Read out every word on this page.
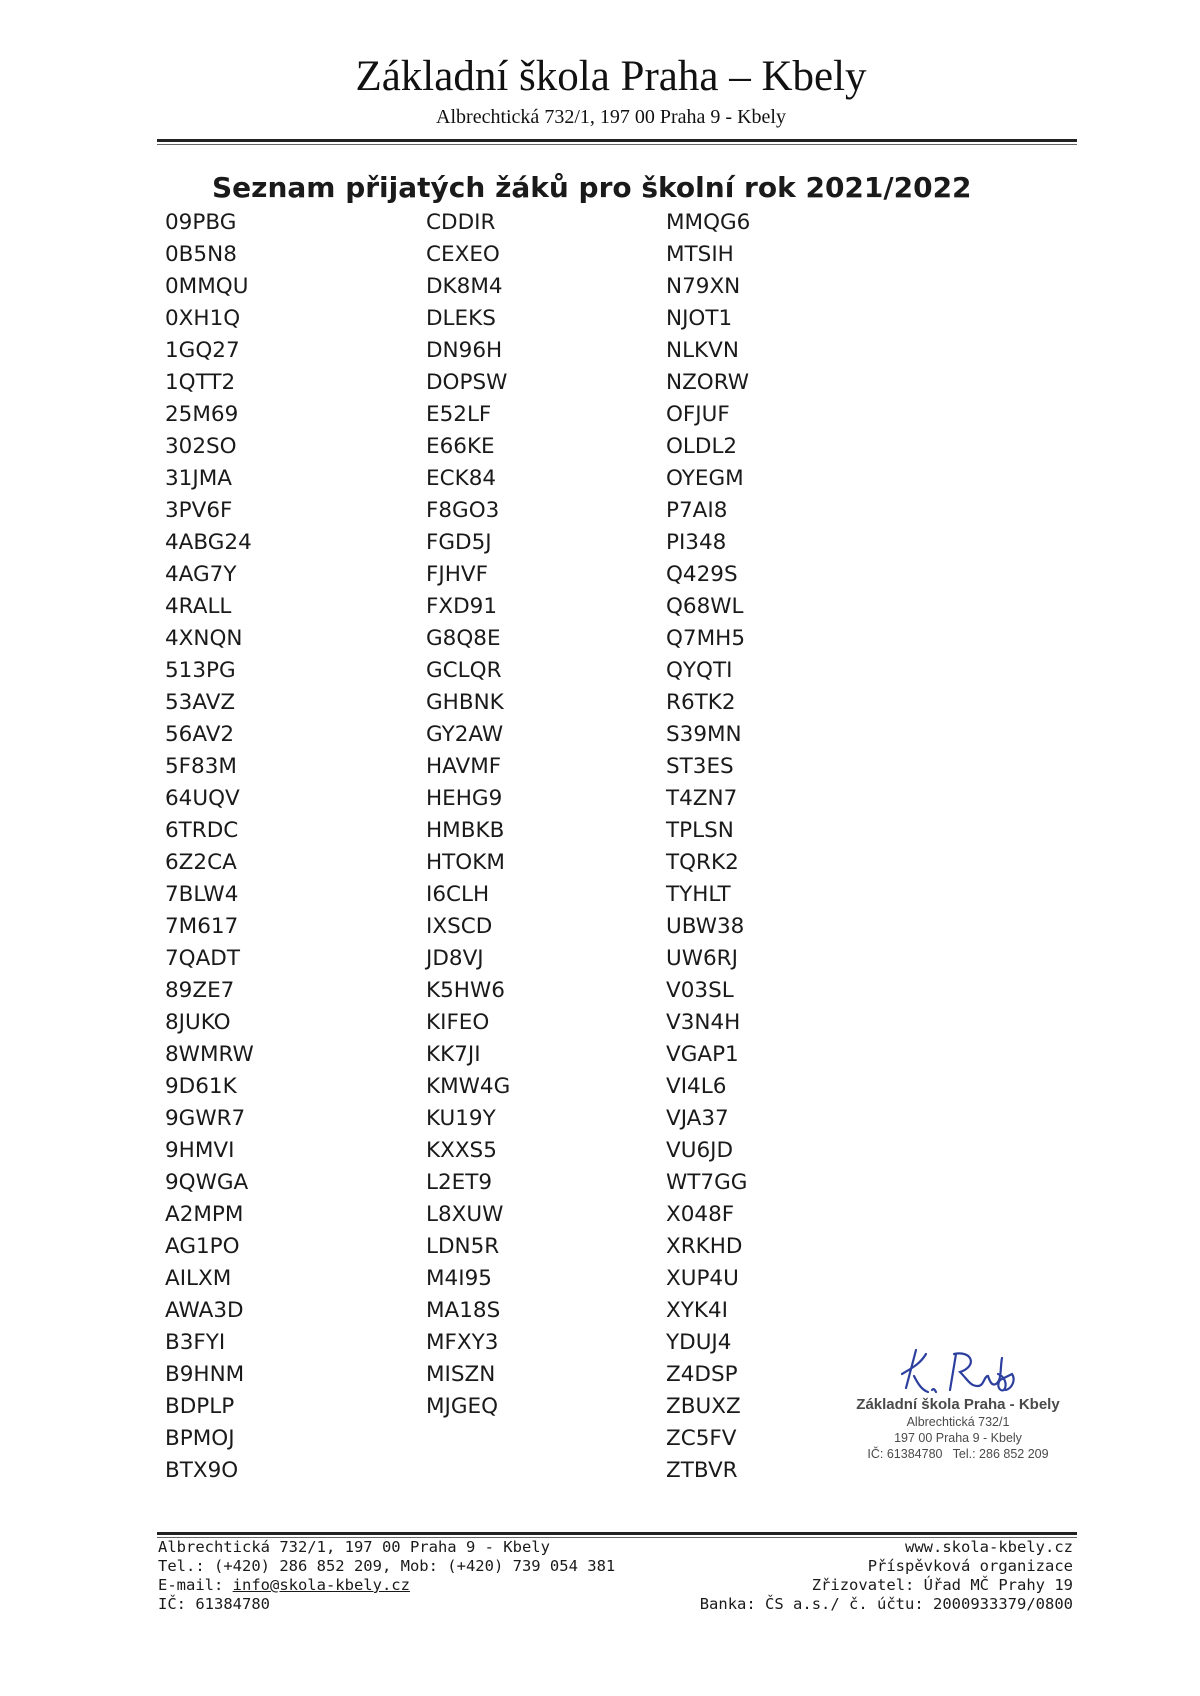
Základní škola Praha – Kbely
Albrechtická 732/1, 197 00 Praha 9 - Kbely
Seznam přijatých žáků pro školní rok 2021/2022
09PBG
0B5N8
0MMQU
0XH1Q
1GQ27
1QTT2
25M69
302SO
31JMA
3PV6F
4ABG24
4AG7Y
4RALL
4XNQN
513PG
53AVZ
56AV2
5F83M
64UQV
6TRDC
6Z2CA
7BLW4
7M617
7QADT
89ZE7
8JUKO
8WMRW
9D61K
9GWR7
9HMVI
9QWGA
A2MPM
AG1PO
AILXM
AWA3D
B3FYI
B9HNM
BDPLP
BPMOJ
BTX9O
CDDIR
CEXEO
DK8M4
DLEKS
DN96H
DOPSW
E52LF
E66KE
ECK84
F8GO3
FGD5J
FJHVF
FXD91
G8Q8E
GCLQR
GHBNK
GY2AW
HAVMF
HEHG9
HMBKB
HTOKM
I6CLH
IXSCD
JD8VJ
K5HW6
KIFEO
KK7JI
KMW4G
KU19Y
KXXS5
L2ET9
L8XUW
LDN5R
M4I95
MA18S
MFXY3
MISZN
MJGEQ
MMQG6
MTSIH
N79XN
NJOT1
NLKVN
NZORW
OFJUF
OLDL2
OYEGM
P7AI8
PI348
Q429S
Q68WL
Q7MH5
QYQTI
R6TK2
S39MN
ST3ES
T4ZN7
TPLSN
TQRK2
TYHLT
UBW38
UW6RJ
V03SL
V3N4H
VGAP1
VI4L6
VJA37
VU6JD
WT7GG
X048F
XRKHD
XUP4U
XYK4I
YDUJ4
Z4DSP
ZBUXZ
ZC5FV
ZTBVR
Základní škola Praha - Kbely
Albrechtická 732/1
197 00 Praha 9 - Kbely
IČ: 61384780   Tel.: 286 852 209
Albrechtická 732/1, 197 00 Praha 9 - Kbely
Tel.: (+420) 286 852 209, Mob: (+420) 739 054 381
E-mail: info@skola-kbely.cz
IČ: 61384780
www.skola-kbely.cz
Příspěvková organizace
Zřizovatel: Úřad MČ Prahy 19
Banka: ČS a.s./ č. účtu: 2000933379/0800
